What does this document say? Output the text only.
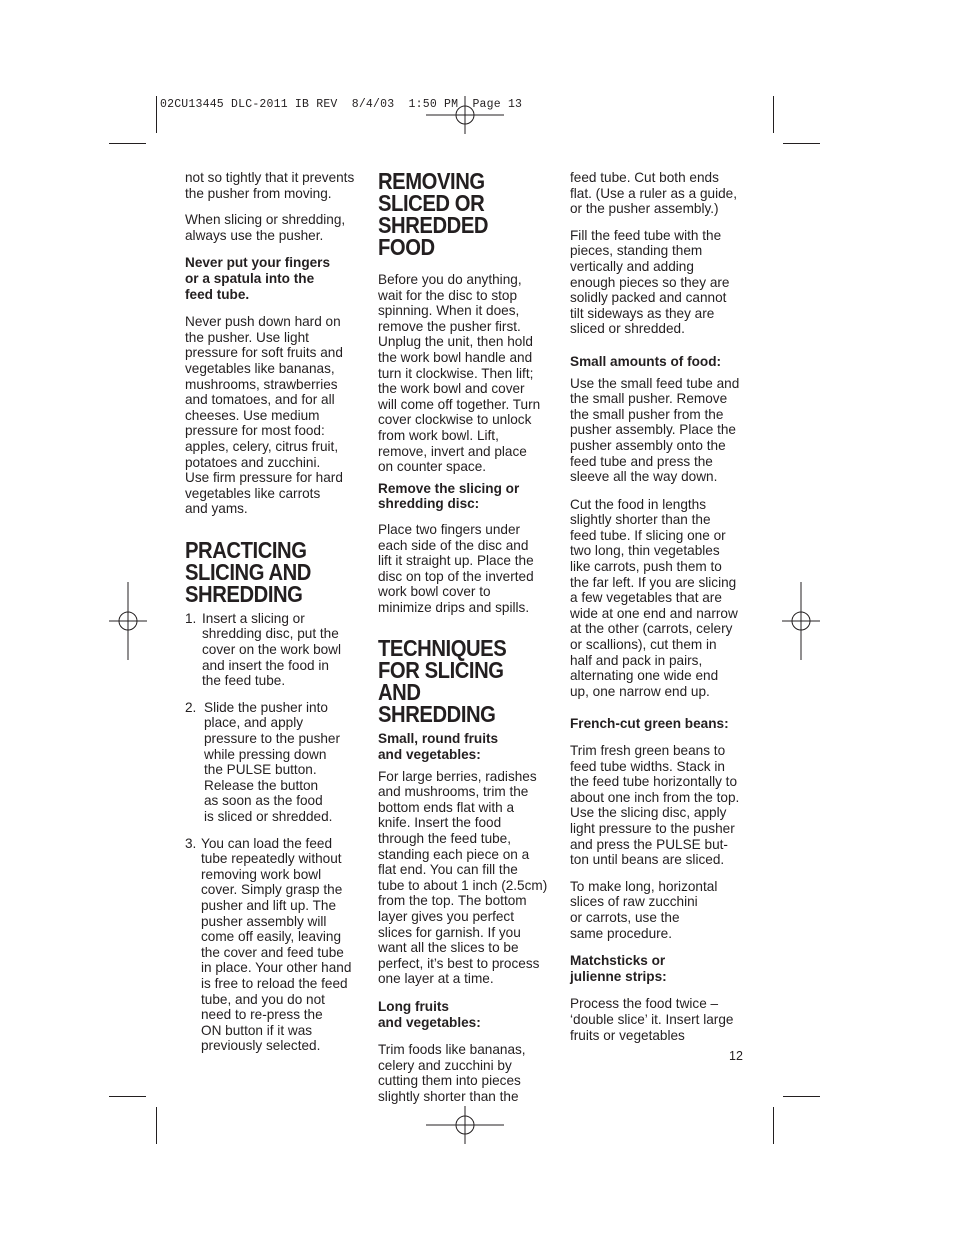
02CU13445 DLC-2011 IB REV  8/4/03  1:50 PM  Page 13

not so tightly that it prevents
the pusher from moving.

When slicing or shredding,
always use the pusher.

Never put your fingers
or a spatula into the
feed tube.

Never push down hard on
the pusher. Use light
pressure for soft fruits and
vegetables like bananas,
mushrooms, strawberries
and tomatoes, and for all
cheeses. Use medium
pressure for most food:
apples, celery, citrus fruit,
potatoes and zucchini.
Use firm pressure for hard
vegetables like carrots
and yams.

PRACTICING
SLICING AND
SHREDDING
1. Insert a slicing or
shredding disc, put the
cover on the work bowl
and insert the food in
the feed tube.
2. Slide the pusher into
place, and apply
pressure to the pusher
while pressing down
the PULSE button.
Release the button
as soon as the food
is sliced or shredded.
3. You can load the feed
tube repeatedly without
removing work bowl
cover. Simply grasp the
pusher and lift up. The
pusher assembly will
come off easily, leaving
the cover and feed tube
in place. Your other hand
is free to reload the feed
tube, and you do not
need to re-press the
ON button if it was
previously selected.
REMOVING
SLICED OR
SHREDDED FOOD

Before you do anything,
wait for the disc to stop
spinning. When it does,
remove the pusher first.
Unplug the unit, then hold
the work bowl handle and
turn it clockwise. Then lift;
the work bowl and cover
will come off together. Turn
cover clockwise to unlock
from work bowl. Lift,
remove, invert and place
on counter space.

Remove the slicing or
shredding disc:

Place two fingers under
each side of the disc and
lift it straight up. Place the
disc on top of the inverted
work bowl cover to
minimize drips and spills.

TECHNIQUES
FOR SLICING AND
SHREDDING

Small, round fruits
and vegetables:

For large berries, radishes
and mushrooms, trim the
bottom ends flat with a
knife. Insert the food
through the feed tube,
standing each piece on a
flat end. You can fill the
tube to about 1 inch (2.5cm)
from the top. The bottom
layer gives you perfect
slices for garnish. If you
want all the slices to be
perfect, it’s best to process
one layer at a time.

Long fruits
and vegetables:

Trim foods like bananas,
celery and zucchini by
cutting them into pieces
slightly shorter than the

feed tube. Cut both ends
flat. (Use a ruler as a guide,
or the pusher assembly.)

Fill the feed tube with the
pieces, standing them
vertically and adding
enough pieces so they are
solidly packed and cannot
tilt sideways as they are
sliced or shredded.

Small amounts of food:

Use the small feed tube and
the small pusher. Remove
the small pusher from the
pusher assembly. Place the
pusher assembly onto the
feed tube and press the
sleeve all the way down.

Cut the food in lengths
slightly shorter than the
feed tube. If slicing one or
two long, thin vegetables
like carrots, push them to
the far left. If you are slicing
a few vegetables that are
wide at one end and narrow
at the other (carrots, celery
or scallions), cut them in
half and pack in pairs,
alternating one wide end
up, one narrow end up.

French-cut green beans:

Trim fresh green beans to
feed tube widths. Stack in
the feed tube horizontally to
about one inch from the top.
Use the slicing disc, apply
light pressure to the pusher
and press the PULSE but-
ton until beans are sliced.

To make long, horizontal
slices of raw zucchini
or carrots, use the
same procedure.

Matchsticks or
julienne strips:

Process the food twice –
‘double slice’ it. Insert large
fruits or vegetables

12
